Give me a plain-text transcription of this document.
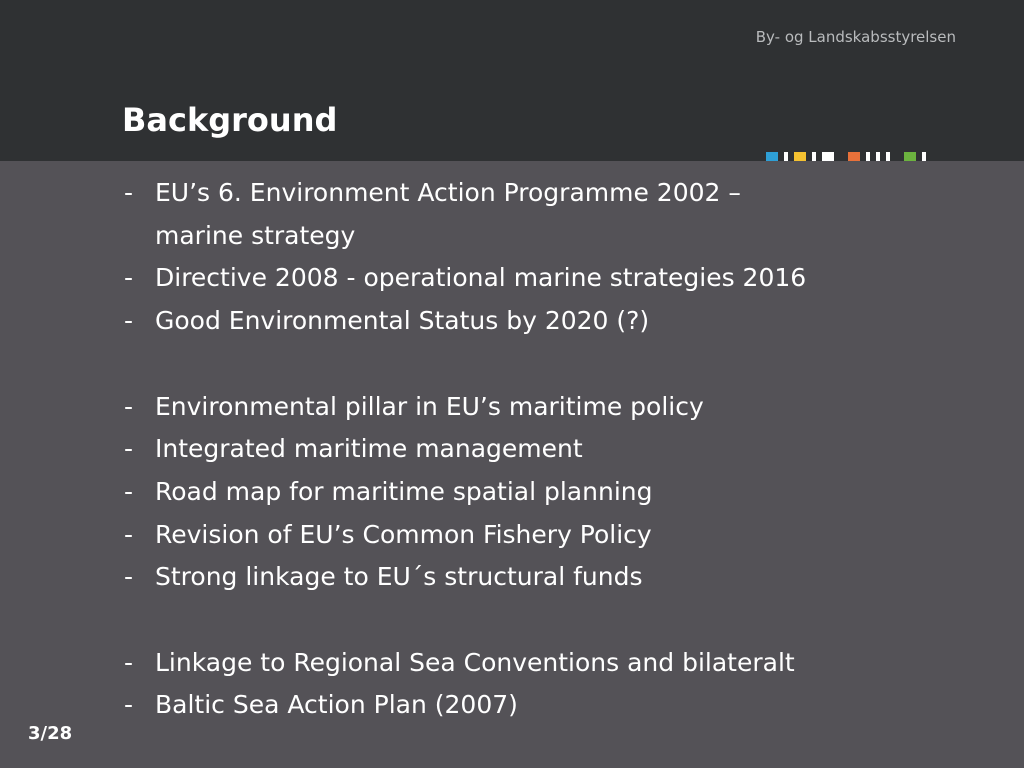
By- og Landskabsstyrelsen
Background
- EU’s 6. Environment Action Programme 2002 –
marine strategy
- Directive 2008 - operational marine strategies 2016
- Good Environmental Status by 2020 (?)
- Environmental pillar in EU’s maritime policy
- Integrated maritime management
- Road map for maritime spatial planning
- Revision of EU’s Common Fishery Policy
- Strong linkage to EU´s structural funds
- Linkage to Regional Sea Conventions and bilateralt
- Baltic Sea Action Plan (2007)
3/28
